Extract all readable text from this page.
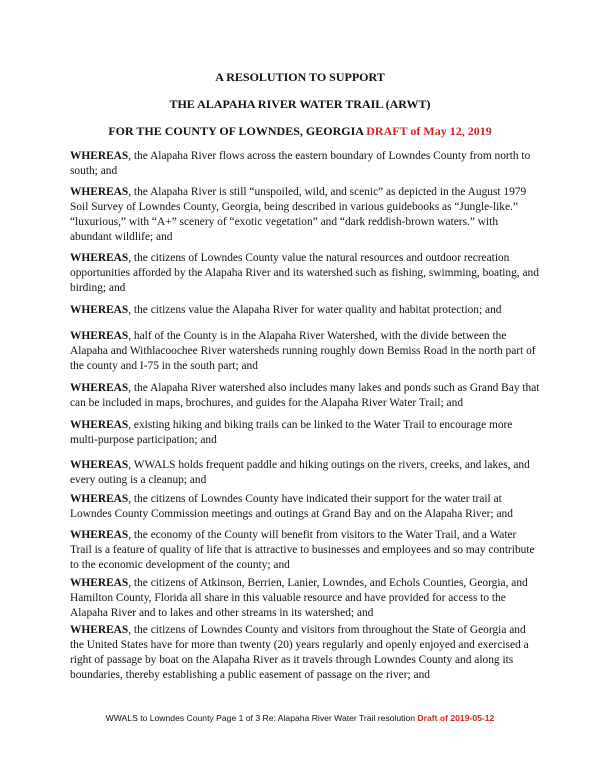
A RESOLUTION TO SUPPORT
THE ALAPAHA RIVER WATER TRAIL (ARWT)
FOR THE COUNTY OF LOWNDES, GEORGIA DRAFT of May 12, 2019
WHEREAS, the Alapaha River flows across the eastern boundary of Lowndes County from north to south; and
WHEREAS, the Alapaha River is still “unspoiled, wild, and scenic” as depicted in the August 1979 Soil Survey of Lowndes County, Georgia, being described in various guidebooks as “Jungle-like.” “luxurious,” with “A+” scenery of “exotic vegetation” and “dark reddish-brown waters.” with abundant wildlife; and
WHEREAS, the citizens of Lowndes County value the natural resources and outdoor recreation opportunities afforded by the Alapaha River and its watershed such as fishing, swimming, boating, and birding; and
WHEREAS, the citizens value the Alapaha River for water quality and habitat protection; and
WHEREAS, half of the County is in the Alapaha River Watershed, with the divide between the Alapaha and Withlacoochee River watersheds running roughly down Bemiss Road in the north part of the county and I-75 in the south part; and
WHEREAS, the Alapaha River watershed also includes many lakes and ponds such as Grand Bay that can be included in maps, brochures, and guides for the Alapaha River Water Trail; and
WHEREAS, existing hiking and biking trails can be linked to the Water Trail to encourage more multi-purpose participation; and
WHEREAS, WWALS holds frequent paddle and hiking outings on the rivers, creeks, and lakes, and every outing is a cleanup; and
WHEREAS, the citizens of Lowndes County have indicated their support for the water trail at Lowndes County Commission meetings and outings at Grand Bay and on the Alapaha River; and
WHEREAS, the economy of the County will benefit from visitors to the Water Trail, and a Water Trail is a feature of quality of life that is attractive to businesses and employees and so may contribute to the economic development of the county; and
WHEREAS, the citizens of Atkinson, Berrien, Lanier, Lowndes, and Echols Counties, Georgia, and Hamilton County, Florida all share in this valuable resource and have provided for access to the Alapaha River and to lakes and other streams in its watershed; and
WHEREAS, the citizens of Lowndes County and visitors from throughout the State of Georgia and the United States have for more than twenty (20) years regularly and openly enjoyed and exercised a right of passage by boat on the Alapaha River as it travels through Lowndes County and along its boundaries, thereby establishing a public easement of passage on the river; and
WWALS to Lowndes County Page 1 of 3 Re: Alapaha River Water Trail resolution Draft of 2019-05-12
